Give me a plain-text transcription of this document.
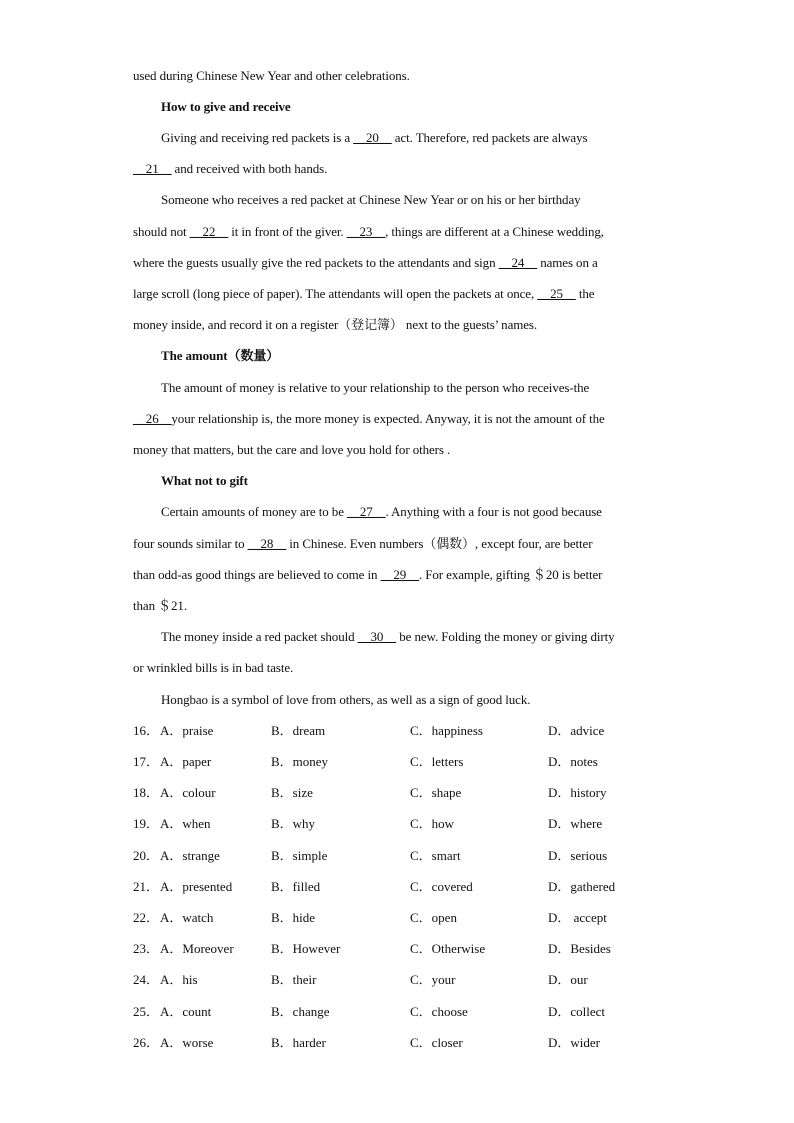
used during Chinese New Year and other celebrations.
How to give and receive
Giving and receiving red packets is a __20__ act. Therefore, red packets are always
__21__ and received with both hands.
Someone who receives a red packet at Chinese New Year or on his or her birthday
should not __22__ it in front of the giver. __23__, things are different at a Chinese wedding,
where the guests usually give the red packets to the attendants and sign __24__ names on a
large scroll (long piece of paper). The attendants will open the packets at once, __25__ the
money inside, and record it on a register（登记簿） next to the guests’ names.
The amount（数量）
The amount of money is relative to your relationship to the person who receives-the
__26__your relationship is, the more money is expected. Anyway, it is not the amount of the
money that matters, but the care and love you hold for others .
What not to gift
Certain amounts of money are to be __27__. Anything with a four is not good because
four sounds similar to __28__ in Chinese. Even numbers（偶数）, except four, are better
than odd-as good things are believed to come in __29__. For example, gifting ＄20 is better
than ＄21.
The money inside a red packet should __30__ be new. Folding the money or giving dirty
or wrinkled bills is in bad taste.
Hongbao is a symbol of love from others, as well as a sign of good luck.
16． A．praise	B．dream	C．happiness	D．advice
17． A．paper	B．money	C．letters	D．notes
18． A．colour	B．size	C．shape	D．history
19． A．when	B．why	C．how	D．where
20． A．strange	B．simple	C．smart	D．serious
21． A．presented	B．filled	C．covered	D．gathered
22． A．watch	B．hide	C．open	D． accept
23． A．Moreover	B．However	C．Otherwise	D．Besides
24． A．his	B．their	C．your	D．our
25． A．count	B．change	C．choose	D．collect
26． A．worse	B．harder	C．closer	D．wider
